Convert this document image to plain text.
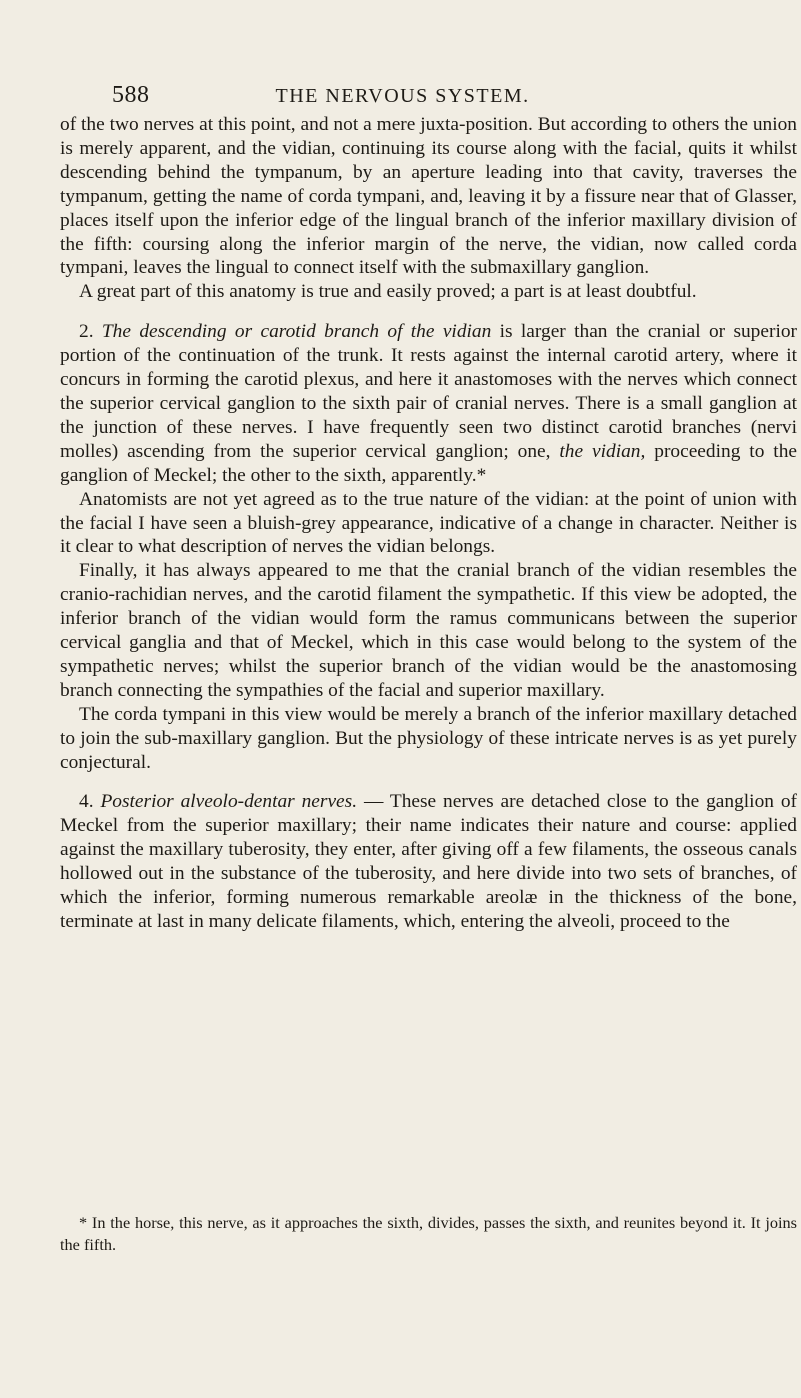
588	THE NERVOUS SYSTEM.

of the two nerves at this point, and not a mere juxta-position. But according to others the union is merely apparent, and the vidian, continuing its course along with the facial, quits it whilst descending behind the tympanum, by an aperture leading into that cavity, traverses the tympanum, getting the name of corda tympani, and, leaving it by a fissure near that of Glasser, places itself upon the inferior edge of the lingual branch of the inferior maxillary division of the fifth: coursing along the inferior margin of the nerve, the vidian, now called corda tympani, leaves the lingual to connect itself with the submaxillary ganglion.

A great part of this anatomy is true and easily proved; a part is at least doubtful.

2. The descending or carotid branch of the vidian is larger than the cranial or superior portion of the continuation of the trunk. It rests against the internal carotid artery, where it concurs in forming the carotid plexus, and here it anastomoses with the nerves which connect the superior cervical ganglion to the sixth pair of cranial nerves. There is a small ganglion at the junction of these nerves. I have frequently seen two distinct carotid branches (nervi molles) ascending from the superior cervical ganglion; one, the vidian, proceeding to the ganglion of Meckel; the other to the sixth, apparently.*

Anatomists are not yet agreed as to the true nature of the vidian: at the point of union with the facial I have seen a bluish-grey appearance, indicative of a change in character. Neither is it clear to what description of nerves the vidian belongs.

Finally, it has always appeared to me that the cranial branch of the vidian resembles the cranio-rachidian nerves, and the carotid filament the sympathetic. If this view be adopted, the inferior branch of the vidian would form the ramus communicans between the superior cervical ganglia and that of Meckel, which in this case would belong to the system of the sympathetic nerves; whilst the superior branch of the vidian would be the anastomosing branch connecting the sympathies of the facial and superior maxillary.

The corda tympani in this view would be merely a branch of the inferior maxillary detached to join the sub-maxillary ganglion. But the physiology of these intricate nerves is as yet purely conjectural.

4. Posterior alveolo-dentar nerves. — These nerves are detached close to the ganglion of Meckel from the superior maxillary; their name indicates their nature and course: applied against the maxillary tuberosity, they enter, after giving off a few filaments, the osseous canals hollowed out in the substance of the tuberosity, and here divide into two sets of branches, of which the inferior, forming numerous remarkable areolæ in the thickness of the bone, terminate at last in many delicate filaments, which, entering the alveoli, proceed to the

* In the horse, this nerve, as it approaches the sixth, divides, passes the sixth, and reunites beyond it. It joins the fifth.
